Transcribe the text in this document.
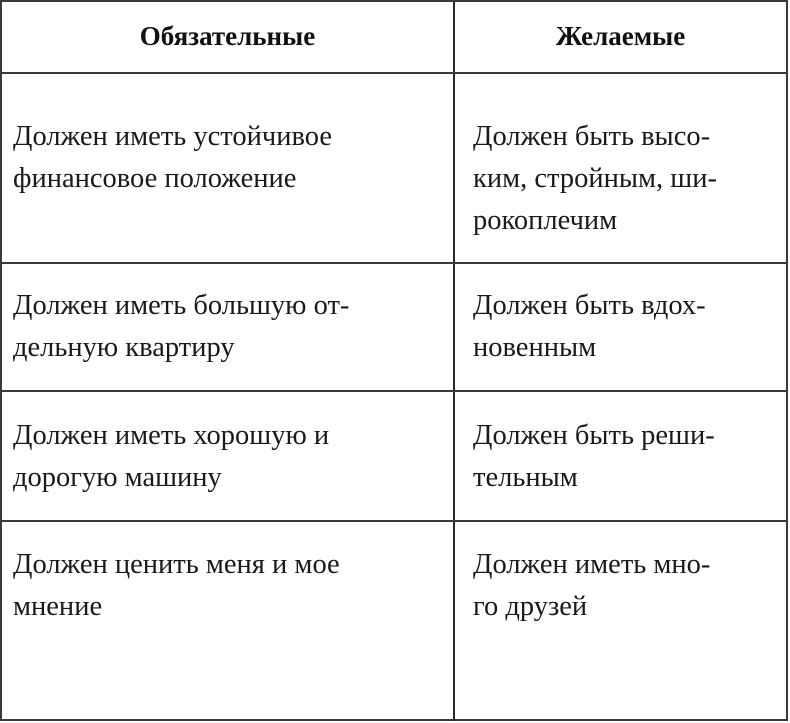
Обязательные	Желаемые
Должен иметь устойчивое
финансовое положение
Должен быть высо-
ким, стройным, ши-
рокоплечим
Должен иметь большую от-
дельную квартиру
Должен быть вдох-
новенным
Должен иметь хорошую и
дорогую машину
Должен быть реши-
тельным
Должен ценить меня и мое
мнение
Должен иметь мно-
го друзей
